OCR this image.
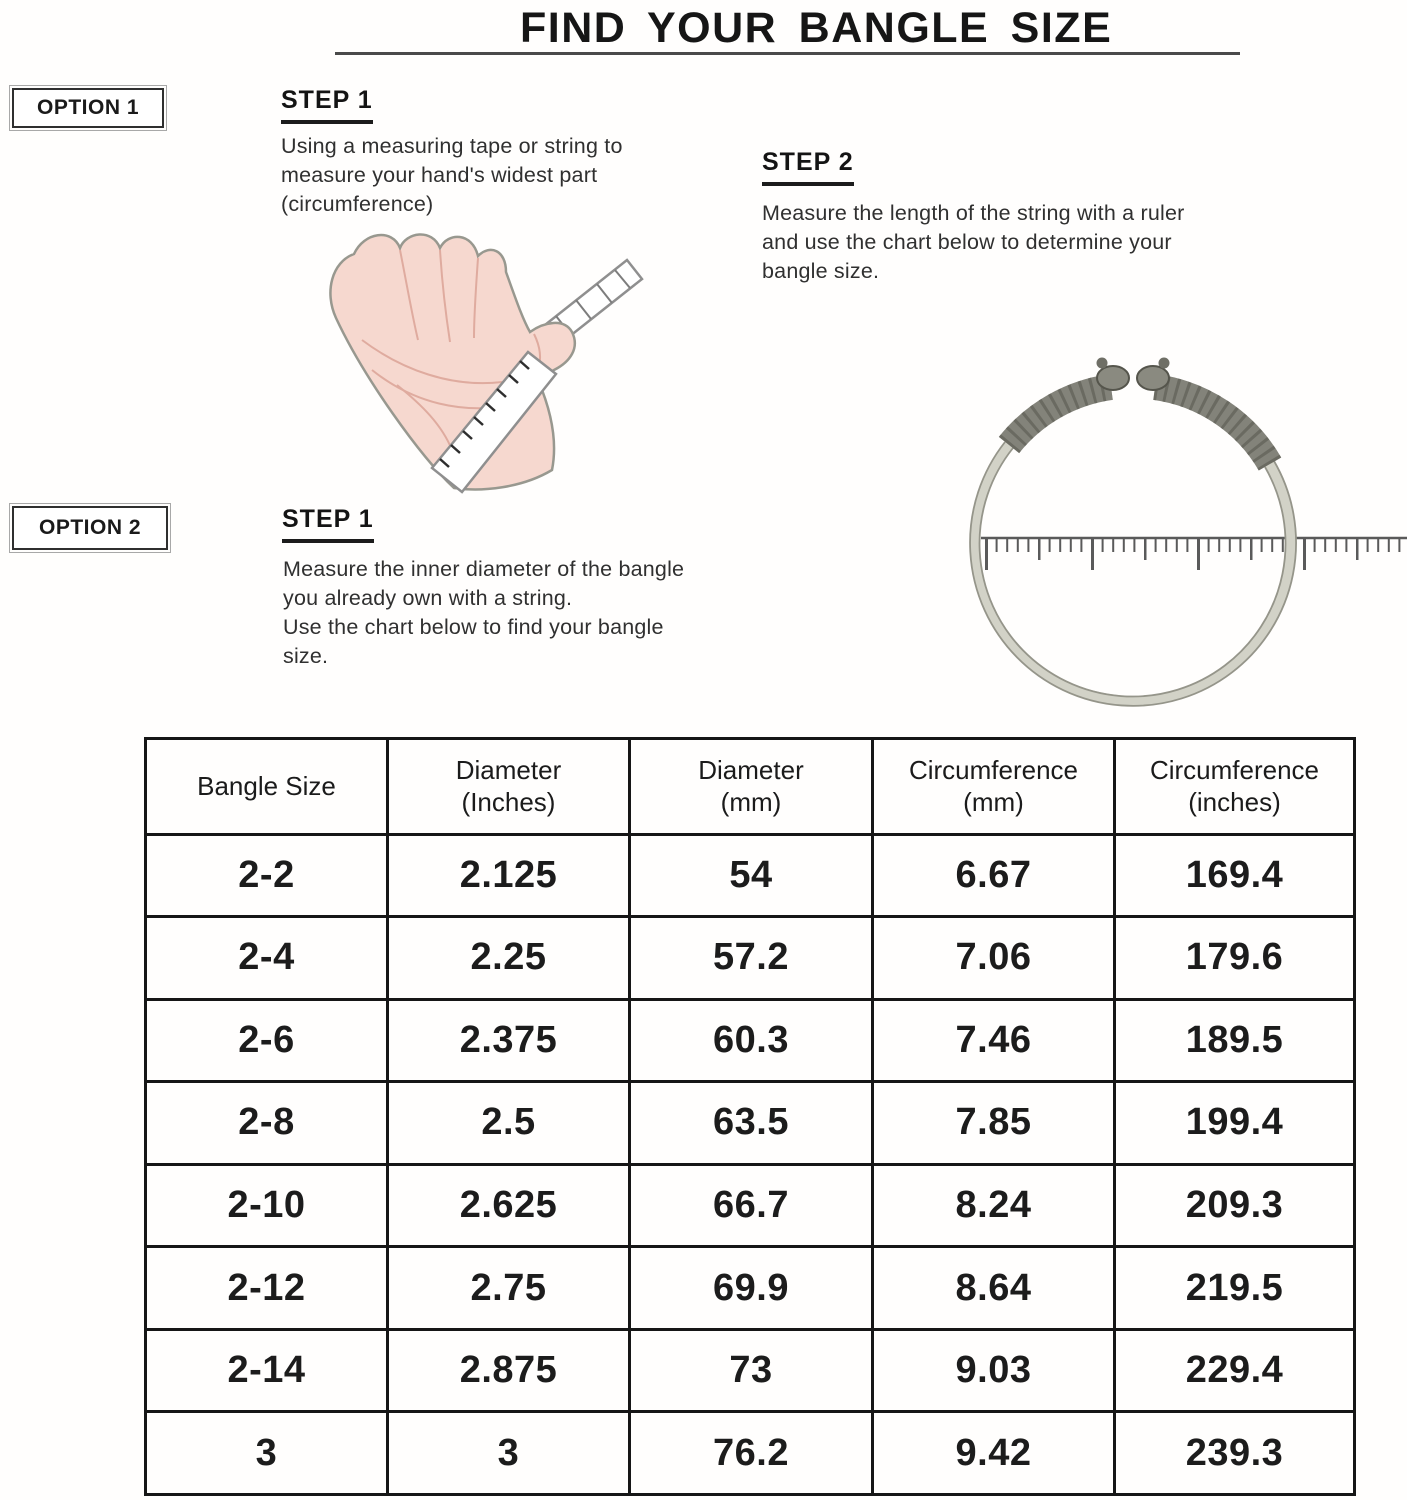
FIND YOUR BANGLE SIZE
OPTION 1	STEP 1
Using a measuring tape or string to
measure your hand's widest part
(circumference)
STEP 2
Measure the length of the string with a ruler
and use the chart below to determine your
bangle size.
OPTION 2	STEP 1
Measure the inner diameter of the bangle
you already own with a string.
Use the chart below to find your bangle
size.
Bangle Size

Diameter
(Inches)

Diameter
(mm)

Circumference
(mm)

Circumference
(inches)

2-2	2.125	54	6.67	169.4
2-4	2.25	57.2	7.06	179.6
2-6	2.375	60.3	7.46	189.5
2-8	2.5	63.5	7.85	199.4
2-10	2.625	66.7	8.24	209.3
2-12	2.75	69.9	8.64	219.5
2-14	2.875	73	9.03	229.4
3	3	76.2	9.42	239.3
